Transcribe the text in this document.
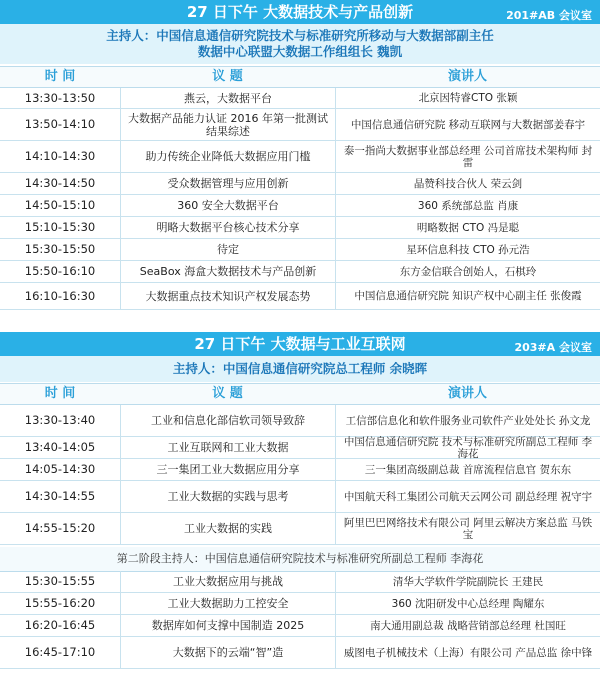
27 日下午 大数据技术与产品创新	201#AB 会议室
主持人：中国信息通信研究院技术与标准研究所移动与大数据部副主任
数据中心联盟大数据工作组组长 魏凯
时 间	议 题	演讲人
13:30-13:50	燕云，大数据平台	北京因特睿CTO 张颖
13:50-14:10	大数据产品能力认证 2016 年第一批测试结果综述	中国信息通信研究院 移动互联网与大数据部姜春宇
14:10-14:30	助力传统企业降低大数据应用门槛	泰一指尚大数据事业部总经理 公司首席技术架构师 封雷
14:30-14:50	受众数据管理与应用创新	晶赞科技合伙人 荣云剑
14:50-15:10	360 安全大数据平台	360 系统部总监 肖康
15:10-15:30	明略大数据平台核心技术分享	明略数据 CTO 冯是聪
15:30-15:50	待定	星环信息科技 CTO 孙元浩
15:50-16:10	SeaBox 海盒大数据技术与产品创新	东方金信联合创始人，石棋玲
16:10-16:30	大数据重点技术知识产权发展态势	中国信息通信研究院 知识产权中心副主任 张俊霞
27 日下午 大数据与工业互联网	203#A 会议室
主持人：中国信息通信研究院总工程师 余晓晖
时 间	议 题	演讲人
13:30-13:40	工业和信息化部信软司领导致辞	工信部信息化和软件服务业司软件产业处处长 孙文龙
13:40-14:05	工业互联网和工业大数据	中国信息通信研究院 技术与标准研究所副总工程师 李海花
14:05-14:30	三一集团工业大数据应用分享	三一集团高级副总裁 首席流程信息官 贺东东
14:30-14:55	工业大数据的实践与思考	中国航天科工集团公司航天云网公司 副总经理 祝守宇
14:55-15:20	工业大数据的实践	阿里巴巴网络技术有限公司 阿里云解决方案总监 马铁宝
第二阶段主持人：中国信息通信研究院技术与标准研究所副总工程师 李海花
15:30-15:55	工业大数据应用与挑战	清华大学软件学院副院长 王建民
15:55-16:20	工业大数据助力工控安全	360 沈阳研发中心总经理 陶耀东
16:20-16:45	数据库如何支撑中国制造 2025	南大通用副总裁 战略营销部总经理 杜国旺
16:45-17:10	大数据下的云端“智”造	威图电子机械技术（上海）有限公司 产品总监 徐中锋
